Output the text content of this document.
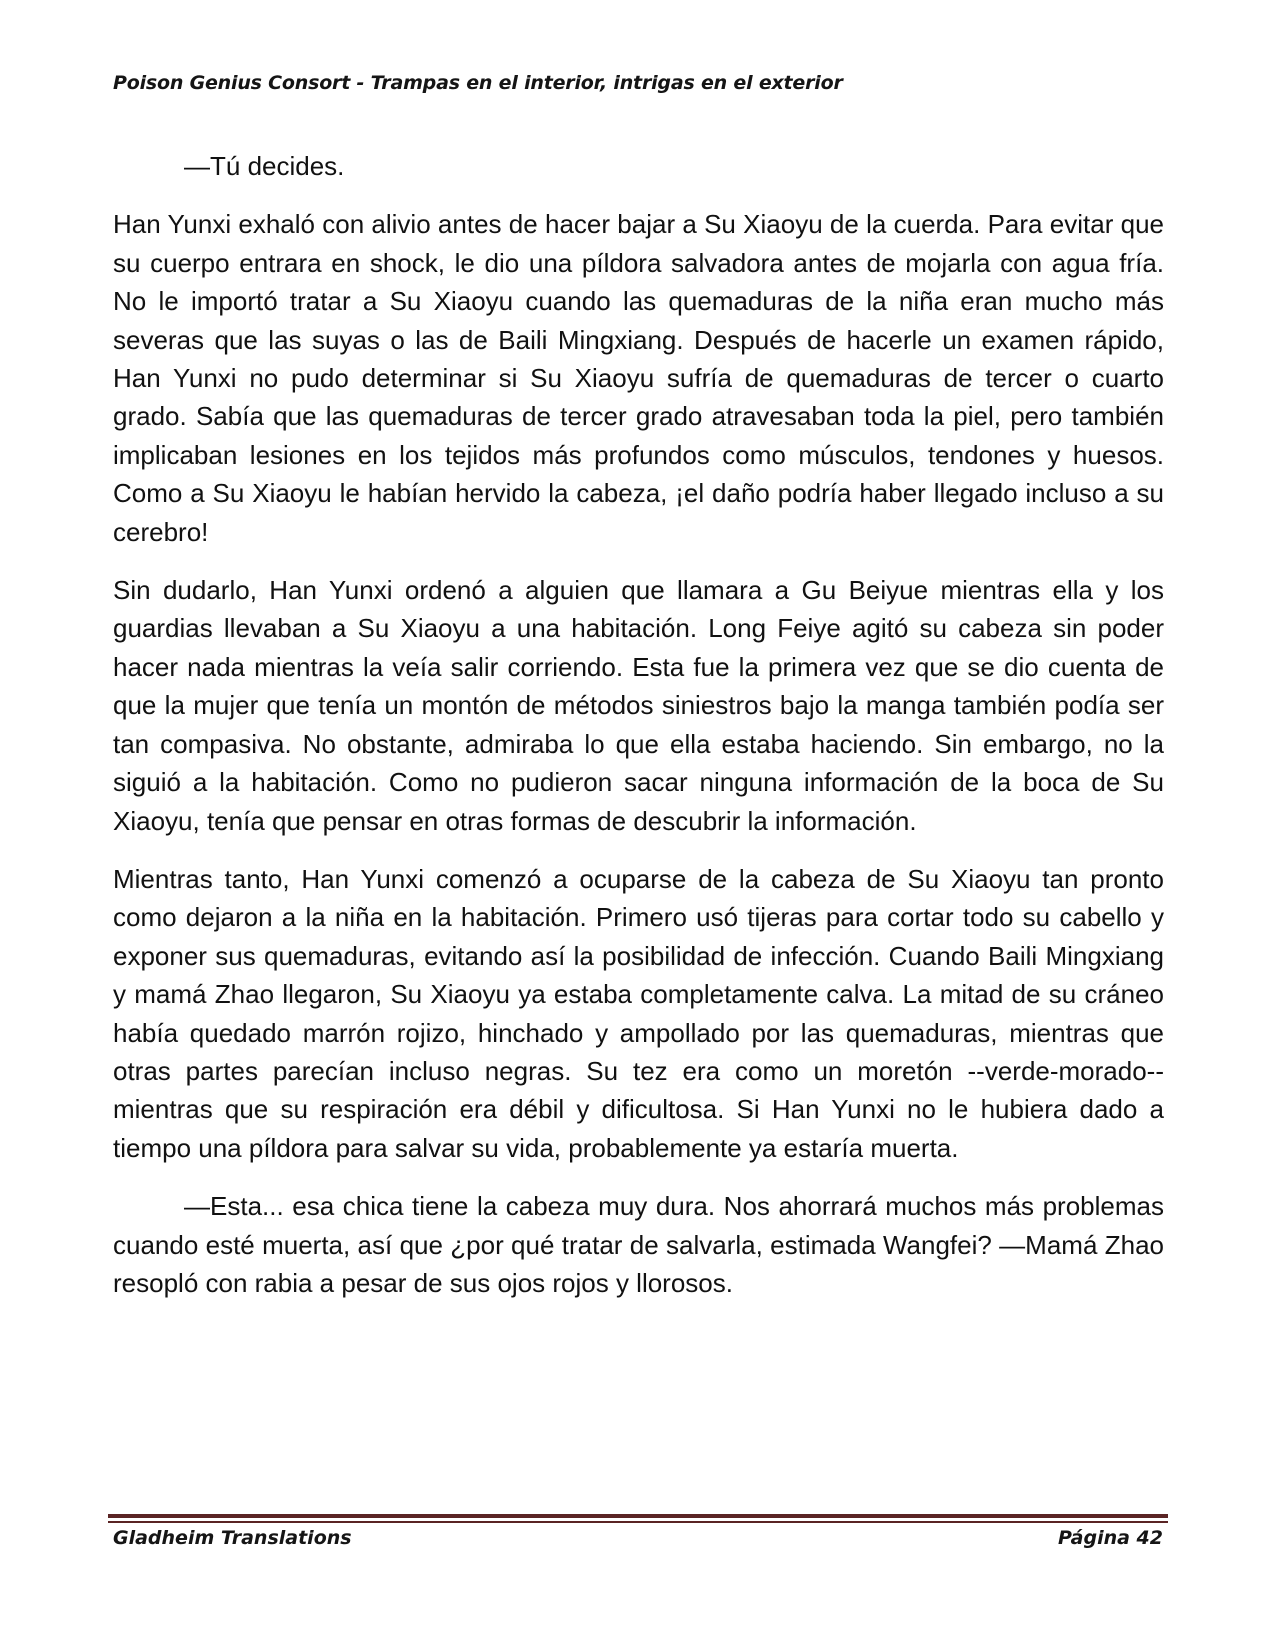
Poison Genius Consort - Trampas en el interior, intrigas en el exterior

—Tú decides.

Han Yunxi exhaló con alivio antes de hacer bajar a Su Xiaoyu de la cuerda. Para evitar que su cuerpo entrara en shock, le dio una píldora salvadora antes de mojarla con agua fría. No le importó tratar a Su Xiaoyu cuando las quemaduras de la niña eran mucho más severas que las suyas o las de Baili Mingxiang. Después de hacerle un examen rápido, Han Yunxi no pudo determinar si Su Xiaoyu sufría de quemaduras de tercer o cuarto grado. Sabía que las quemaduras de tercer grado atravesaban toda la piel, pero también implicaban lesiones en los tejidos más profundos como músculos, tendones y huesos. Como a Su Xiaoyu le habían hervido la cabeza, ¡el daño podría haber llegado incluso a su cerebro!

Sin dudarlo, Han Yunxi ordenó a alguien que llamara a Gu Beiyue mientras ella y los guardias llevaban a Su Xiaoyu a una habitación. Long Feiye agitó su cabeza sin poder hacer nada mientras la veía salir corriendo. Esta fue la primera vez que se dio cuenta de que la mujer que tenía un montón de métodos siniestros bajo la manga también podía ser tan compasiva. No obstante, admiraba lo que ella estaba haciendo. Sin embargo, no la siguió a la habitación. Como no pudieron sacar ninguna información de la boca de Su Xiaoyu, tenía que pensar en otras formas de descubrir la información.

Mientras tanto, Han Yunxi comenzó a ocuparse de la cabeza de Su Xiaoyu tan pronto como dejaron a la niña en la habitación. Primero usó tijeras para cortar todo su cabello y exponer sus quemaduras, evitando así la posibilidad de infección. Cuando Baili Mingxiang y mamá Zhao llegaron, Su Xiaoyu ya estaba completamente calva. La mitad de su cráneo había quedado marrón rojizo, hinchado y ampollado por las quemaduras, mientras que otras partes parecían incluso negras. Su tez era como un moretón --verde-morado-- mientras que su respiración era débil y dificultosa. Si Han Yunxi no le hubiera dado a tiempo una píldora para salvar su vida, probablemente ya estaría muerta.

—Esta... esa chica tiene la cabeza muy dura. Nos ahorrará muchos más problemas cuando esté muerta, así que ¿por qué tratar de salvarla, estimada Wangfei? —Mamá Zhao resopló con rabia a pesar de sus ojos rojos y llorosos.

Gladheim Translations	Página 42
